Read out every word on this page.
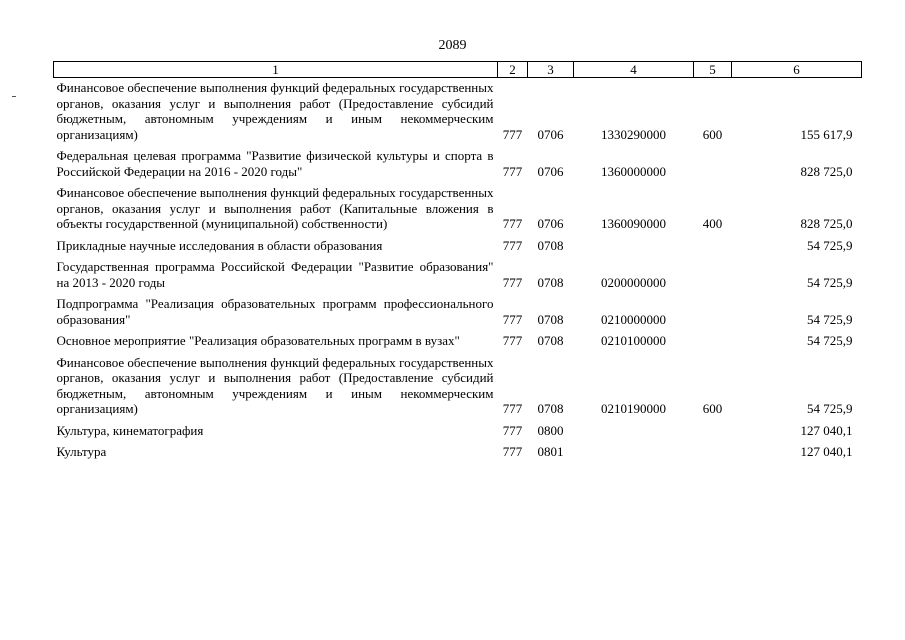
2089
1	2	3	4	5	6
Финансовое обеспечение выполнения функций федеральных государственных органов, оказания услуг и выполнения работ (Предоставление субсидий бюджетным, автономным учреждениям и иным некоммерческим организациям)	777	0706	1330290000	600	155 617,9
Федеральная целевая программа "Развитие физической культуры и спорта в Российской Федерации на 2016 - 2020 годы"	777	0706	1360000000		828 725,0
Финансовое обеспечение выполнения функций федеральных государственных органов, оказания услуг и выполнения работ (Капитальные вложения в объекты государственной (муниципальной) собственности)	777	0706	1360090000	400	828 725,0
Прикладные научные исследования в области образования	777	0708			54 725,9
Государственная программа Российской Федерации "Развитие образования" на 2013 - 2020 годы	777	0708	0200000000		54 725,9
Подпрограмма "Реализация образовательных программ профессионального образования"	777	0708	0210000000		54 725,9
Основное мероприятие "Реализация образовательных программ в вузах"	777	0708	0210100000		54 725,9
Финансовое обеспечение выполнения функций федеральных государственных органов, оказания услуг и выполнения работ (Предоставление субсидий бюджетным, автономным учреждениям и иным некоммерческим организациям)	777	0708	0210190000	600	54 725,9
Культура, кинематография	777	0800			127 040,1
Культура	777	0801			127 040,1
